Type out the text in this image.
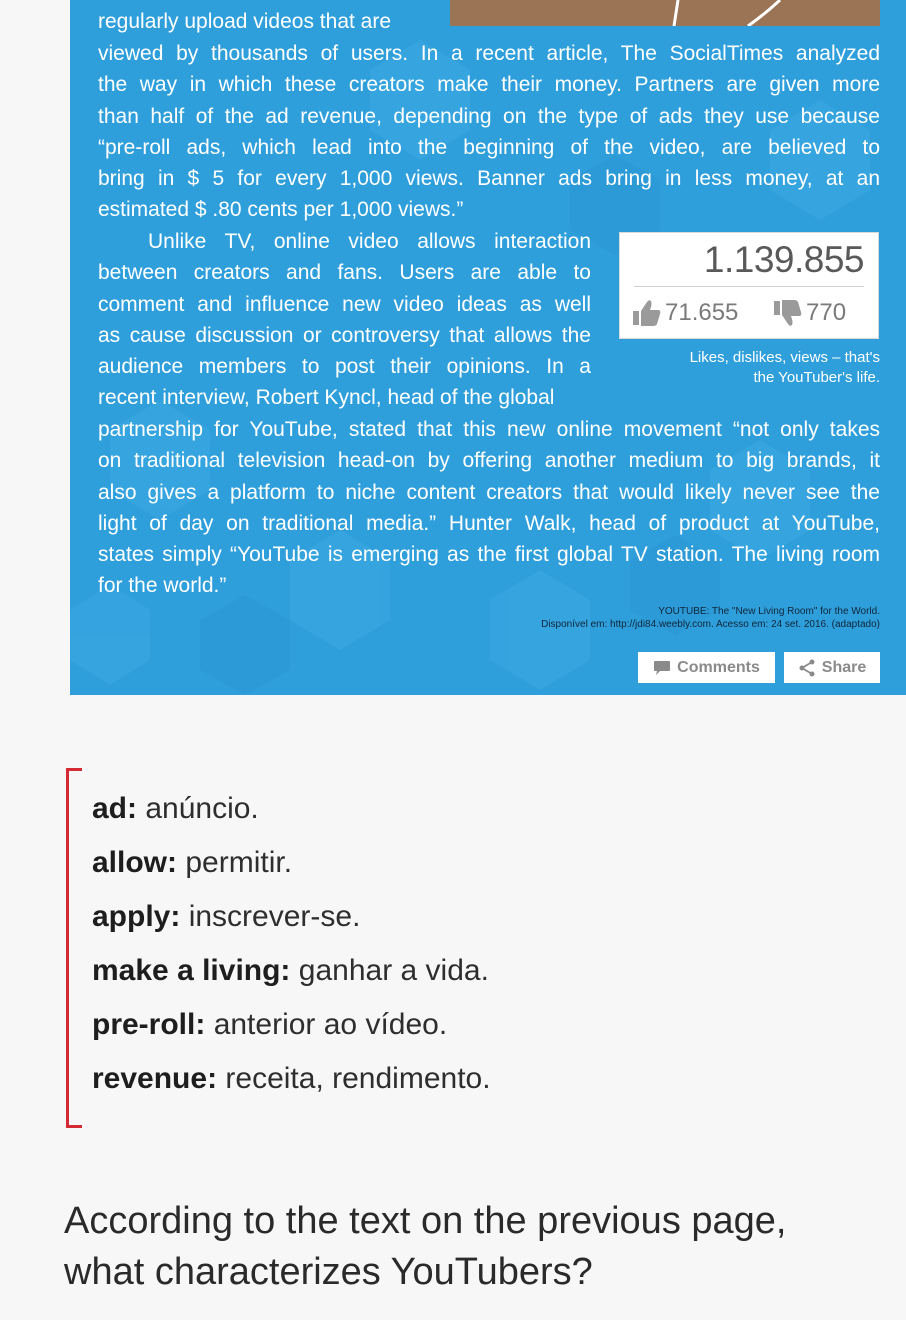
regularly upload videos that are
viewed by thousands of users. In a recent article, The SocialTimes analyzed
the way in which these creators make their money. Partners are given more
than half of the ad revenue, depending on the type of ads they use because
“pre-roll ads, which lead into the beginning of the video, are believed to
bring in $ 5 for every 1,000 views. Banner ads bring in less money, at an
estimated $ .80 cents per 1,000 views.”
Unlike TV, online video allows interaction
between creators and fans. Users are able to
comment and influence new video ideas as well
as cause discussion or controversy that allows the
audience members to post their opinions. In a
recent interview, Robert Kyncl, head of the global
partnership for YouTube, stated that this new online movement “not only takes
on traditional television head-on by offering another medium to big brands, it
also gives a platform to niche content creators that would likely never see the
light of day on traditional media.” Hunter Walk, head of product at YouTube,
states simply “YouTube is emerging as the first global TV station. The living room
for the world.”
1.139.855
71.655	770
Likes, dislikes, views – that's
the YouTuber's life.
YOUTUBE: The "New Living Room" for the World.
Disponível em: http://jdi84.weebly.com. Acesso em: 24 set. 2016. (adaptado)
Comments	Share
ad: anúncio.
allow: permitir.
apply: inscrever-se.
make a living: ganhar a vida.
pre-roll: anterior ao vídeo.
revenue: receita, rendimento.
According to the text on the previous page,
what characterizes YouTubers?
